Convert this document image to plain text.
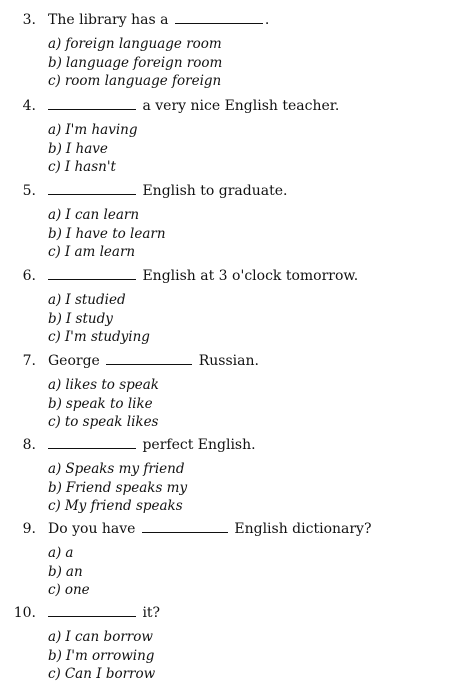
3. The library has a	.
a) foreign language room
b) language foreign room
c) room language foreign
4.	a very nice English teacher.
a) I'm having
b) I have
c) I hasn't
5.	English to graduate.
a) I can learn
b) I have to learn
c) I am learn
6.	English at 3 o'clock tomorrow.
a) I studied
b) I study
c) I'm studying
7. George	Russian.
a) likes to speak
b) speak to like
c) to speak likes
8.	perfect English.
a) Speaks my friend
b) Friend speaks my
c) My friend speaks
9. Do you have	English dictionary?
a) a
b) an
c) one
10.	it?
a) I can borrow
b) I'm orrowing
c) Can I borrow
